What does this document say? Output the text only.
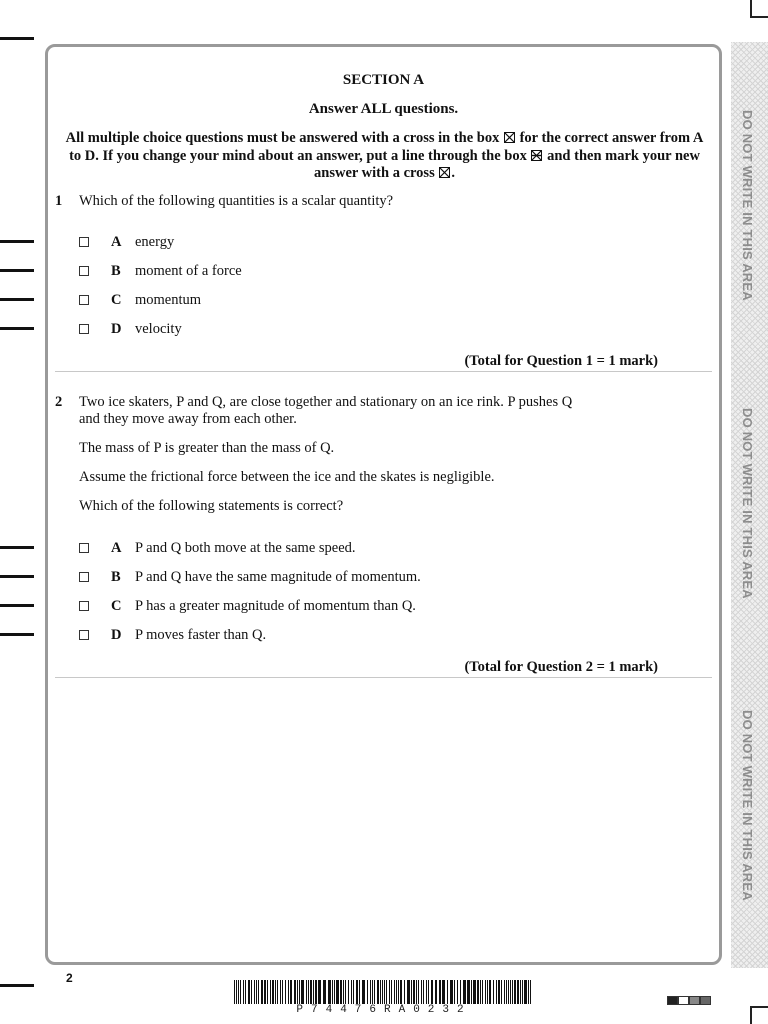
DO NOT WRITE IN THIS AREA
DO NOT WRITE IN THIS AREA
DO NOT WRITE IN THIS AREA
SECTION A
Answer ALL questions.
All multiple choice questions must be answered with a cross in the box ☒ for the correct answer from A to D. If you change your mind about an answer, put a line through the box and then mark your new answer with a cross ☒.
1 Which of the following quantities is a scalar quantity?
A energy
B moment of a force
C momentum
D velocity
(Total for Question 1 = 1 mark)
2 Two ice skaters, P and Q, are close together and stationary on an ice rink. P pushes Q
and they move away from each other.
The mass of P is greater than the mass of Q.
Assume the frictional force between the ice and the skates is negligible.
Which of the following statements is correct?
A P and Q both move at the same speed.
B P and Q have the same magnitude of momentum.
C P has a greater magnitude of momentum than Q.
D P moves faster than Q.
(Total for Question 2 = 1 mark)
2
P74476RA0232
